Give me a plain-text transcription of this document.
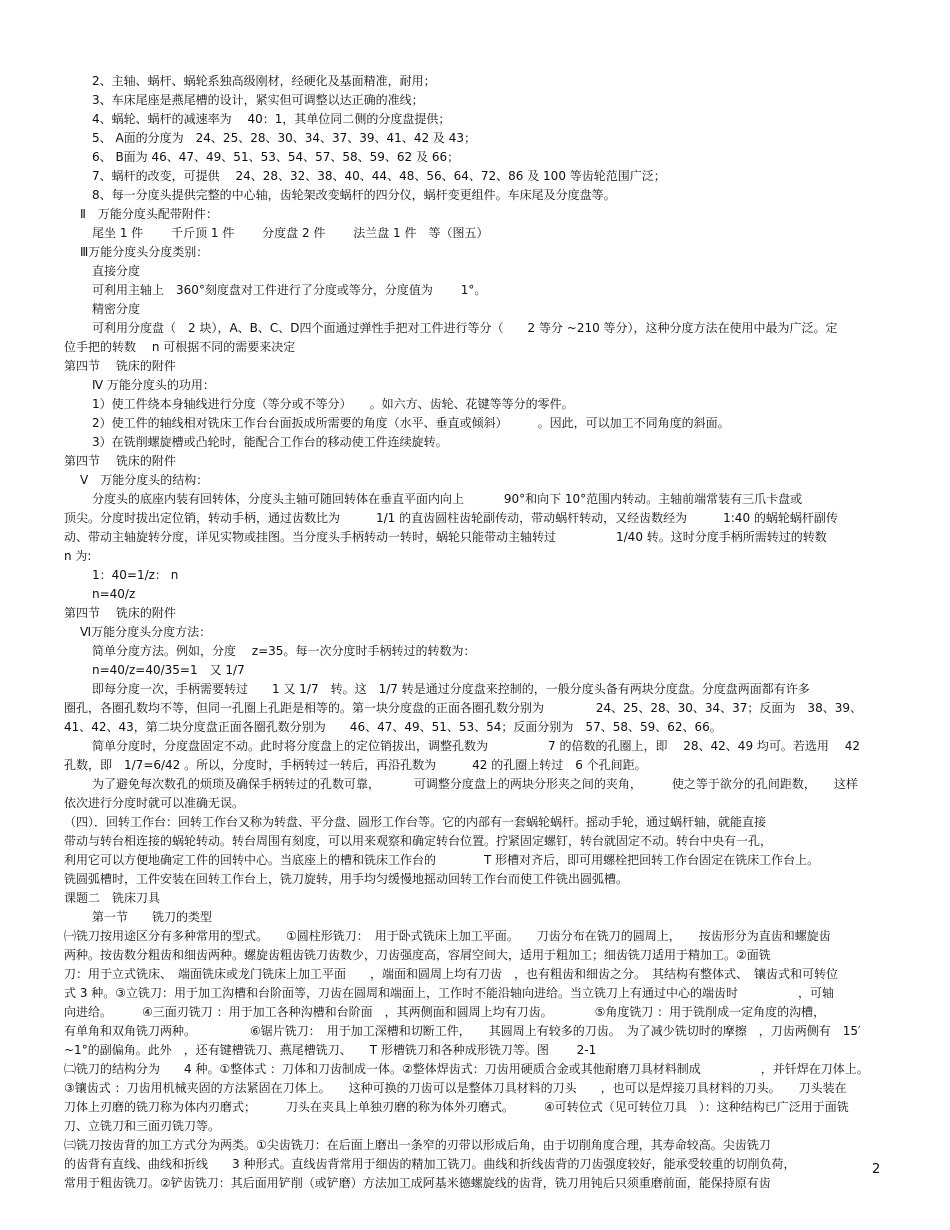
2、主轴、蜗杆、蜗轮系独高级刚材，经硬化及基面精准，耐用；
3、车床尾座是燕尾槽的设计，紧实但可调整以达正确的准线；
4、蜗轮、蜗杆的减速率为　 40：1，其单位同二侧的分度盘提供；
5、 A面的分度为　24、25、28、30、34、37、39、41、42 及 43；
6、 B面为 46、47、49、51、53、54、57、58、59、62 及 66；
7、蜗杆的改变，可提供　 24、28、32、38、40、44、48、56、64、72、86 及 100 等齿轮范围广泛；
8、每一分度头提供完整的中心轴，齿轮架改变蜗杆的四分仪，蜗杆变更组件。车床尾及分度盘等。
Ⅱ　万能分度头配带附件：
尾坐 1 件　　 千斤顶 1 件　　 分度盘 2 件　　 法兰盘 1 件　等（图五）
Ⅲ万能分度头分度类别：
直接分度
可利用主轴上　360°刻度盘对工件进行了分度或等分，分度值为　　 1°。
精密分度
可利用分度盘（　2 块），A、B、C、D四个面通过弹性手把对工件进行等分（　　2 等分 ~210 等分），这种分度方法在使用中最为广泛。定
位手把的转数　 n 可根据不同的需要来决定
第四节　 铣床的附件
Ⅳ 万能分度头的功用：
1）使工件绕本身轴线进行分度（等分或不等分）　　。如六方、齿轮、花键等等分的零件。
2）使工件的轴线相对铣床工作台台面扳成所需要的角度（水平、垂直或倾斜）　　　。因此，可以加工不同角度的斜面。
3）在铣削螺旋槽或凸轮时，能配合工作台的移动使工件连续旋转。
第四节　 铣床的附件
Ⅴ　万能分度头的结构：
分度头的底座内装有回转体，分度头主轴可随回转体在垂直平面内向上　　　 90°和向下 10°范围内转动。主轴前端常装有三爪卡盘或
顶尖。分度时拔出定位销，转动手柄，通过齿数比为　　　1/1 的直齿圆柱齿轮副传动，带动蜗杆转动，又经齿数经为　　　1:40 的蜗轮蜗杆副传
动、带动主轴旋转分度，详见实物或挂图。当分度头手柄转动一转时，蜗轮只能带动主轴转过　　　　　1/40 转。这时分度手柄所需转过的转数
n 为:
1：40=1/z： n
n=40/z
第四节　 铣床的附件
Ⅵ万能分度头分度方法：
简单分度方法。例如，分度　 z=35。每一次分度时手柄转过的转数为：
n=40/z=40/35=1　又 1/7
即每分度一次，手柄需要转过　　1 又 1/7　转。这　1/7 转是通过分度盘来控制的，一般分度头备有两块分度盘。分度盘两面都有许多
圈孔，各圈孔数均不等，但同一孔圈上孔距是相等的。第一块分度盘的正面各圈孔数分别为　　　　 24、25、28、30、34、37；反面为　38、39、
41、42、43，第二块分度盘正面各圈孔数分别为　　46、47、49、51、53、54；反面分别为　57、58、59、62、66。
简单分度时，分度盘固定不动。此时将分度盘上的定位销拔出，调整孔数为　　　　　7 的倍数的孔圈上，即　 28、42、49 均可。若选用　 42
孔数，即　1/7=6/42 。所以，分度时，手柄转过一转后，再沿孔数为　　　42 的孔圈上转过　6 个孔间距。
为了避免每次数孔的烦琐及确保手柄转过的孔数可靠，　　　 可调整分度盘上的两块分形夹之间的夹角，　　　使之等于欲分的孔间距数，　　这样
依次进行分度时就可以准确无误。
（四）．回转工作台：回转工作台又称为转盘、平分盘、圆形工作台等。它的内部有一套蜗轮蜗杆。摇动手轮，通过蜗杆轴，就能直接
带动与转台相连接的蜗轮转动。转台周围有刻度，可以用来观察和确定转台位置。拧紧固定螺钉，转台就固定不动。转台中央有一孔，
利用它可以方便地确定工件的回转中心。当底座上的槽和铣床工作台的　　　　T 形槽对齐后，即可用螺栓把回转工作台固定在铣床工作台上。
铣圆弧槽时，工件安装在回转工作台上，铣刀旋转，用手均匀缓慢地摇动回转工作台而使工件铣出圆弧槽。
课题二　铣床刀具
第一节　　铣刀的类型
㈠铣刀按用途区分有多种常用的型式。　　①圆柱形铣刀：　用于卧式铣床上加工平面。　　刀齿分布在铣刀的圆周上，　　按齿形分为直齿和螺旋齿
两种。按齿数分粗齿和细齿两种。螺旋齿粗齿铣刀齿数少，刀齿强度高，容屑空间大，适用于粗加工；细齿铣刀适用于精加工。②面铣
刀：用于立式铣床、　端面铣床或龙门铣床上加工平面　　，端面和圆周上均有刀齿　，也有粗齿和细齿之分。　其结构有整体式、　镶齿式和可转位
式 3 种。③立铣刀：用于加工沟槽和台阶面等，刀齿在圆周和端面上，工作时不能沿轴向进给。当立铣刀上有通过中心的端齿时　　　　　，可轴
向进给。　　　④三面刃铣刀 ：用于加工各种沟槽和台阶面　，其两侧面和圆周上均有刀齿。　　　　⑤角度铣刀 ：用于铣削成一定角度的沟槽，
有单角和双角铣刀两种。　　　　　⑥锯片铣刀：　用于加工深槽和切断工件，　　其圆周上有较多的刀齿。　为了减少铣切时的摩擦　，刀齿两侧有　15′
~1°的副偏角。此外　，还有键槽铣刀、燕尾槽铣刀、　　T 形槽铣刀和各种成形铣刀等。图　　 2-1
㈡铣刀的结构分为　　4 种。①整体式 ：刀体和刀齿制成一体。②整体焊齿式：刀齿用硬质合金或其他耐磨刀具材料制成　　　　　，并钎焊在刀体上。
③镶齿式 ：刀齿用机械夹固的方法紧固在刀体上。　　这种可换的刀齿可以是整体刀具材料的刀头　　，也可以是焊接刀具材料的刀头。　　刀头装在
刀体上刃磨的铣刀称为体内刃磨式；　　　刀头在夹具上单独刃磨的称为体外刃磨式。　　　④可转位式（见可转位刀具　）：这种结构已广泛用于面铣
刀、立铣刀和三面刃铣刀等。
㈢铣刀按齿背的加工方式分为两类。①尖齿铣刀：在后面上磨出一条窄的刃带以形成后角，由于切削角度合理，其寿命较高。尖齿铣刀
的齿背有直线、曲线和折线　　3 种形式。直线齿背常用于细齿的精加工铣刀。曲线和折线齿背的刀齿强度较好，能承受较重的切削负荷，
常用于粗齿铣刀。②铲齿铣刀：其后面用铲削（或铲磨）方法加工成阿基米德螺旋线的齿背，铣刀用钝后只须重磨前面，能保持原有齿
2
